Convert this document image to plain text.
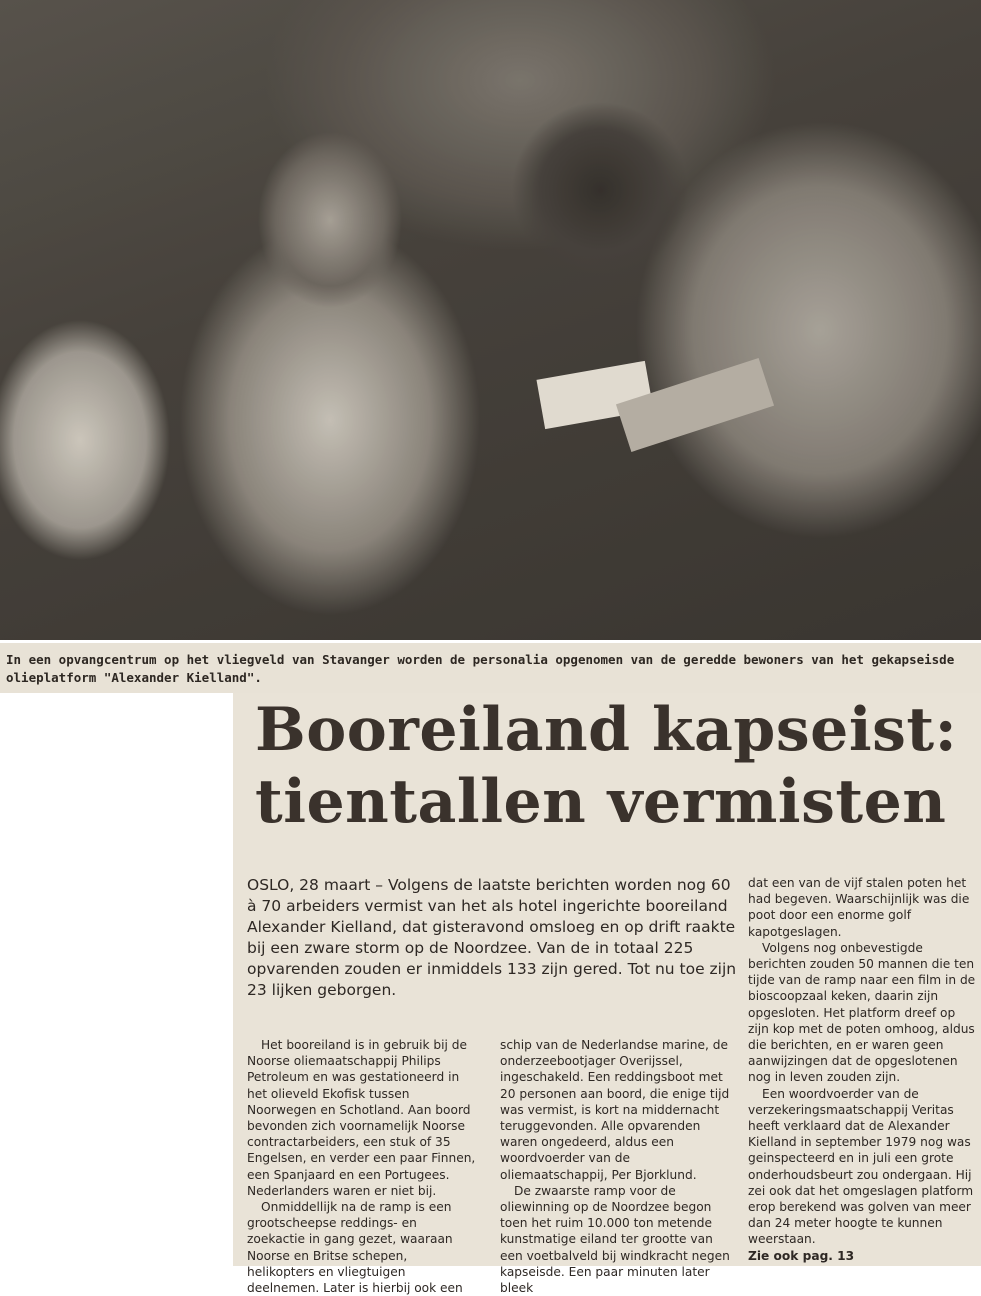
In een opvangcentrum op het vliegveld van Stavanger worden de personalia opgenomen van de geredde bewoners van het gekapseisde
olieplatform "Alexander Kielland".
Booreiland kapseist:
tientallen vermisten
OSLO, 28 maart – Volgens de laatste berichten worden nog 60 à 70 arbeiders vermist van het als hotel ingerichte booreiland Alexander Kielland, dat gisteravond omsloeg en op drift raakte bij een zware storm op de Noordzee. Van de in totaal 225 opvarenden zouden er inmiddels 133 zijn gered. Tot nu toe zijn 23 lijken geborgen.

Het booreiland is in gebruik bij de Noorse oliemaatschappij Philips Petroleum en was gestationeerd in het olieveld Ekofisk tussen Noorwegen en Schotland. Aan boord bevonden zich voornamelijk Noorse contractarbeiders, een stuk of 35 Engelsen, en verder een paar Finnen, een Spanjaard en een Portugees. Nederlanders waren er niet bij.

Onmiddellijk na de ramp is een grootscheepse reddings- en zoekactie in gang gezet, waaraan Noorse en Britse schepen, helikopters en vliegtuigen deelnemen. Later is hierbij ook een

schip van de Nederlandse marine, de onderzeebootjager Overijssel, ingeschakeld. Een reddingsboot met 20 personen aan boord, die enige tijd was vermist, is kort na middernacht teruggevonden. Alle opvarenden waren ongedeerd, aldus een woordvoerder van de oliemaatschappij, Per Bjorklund.

De zwaarste ramp voor de oliewinning op de Noordzee begon toen het ruim 10.000 ton metende kunstmatige eiland ter grootte van een voetbalveld bij windkracht negen kapseisde. Een paar minuten later bleek

dat een van de vijf stalen poten het had begeven. Waarschijnlijk was die poot door een enorme golf kapotgeslagen.

Volgens nog onbevestigde berichten zouden 50 mannen die ten tijde van de ramp naar een film in de bioscoopzaal keken, daarin zijn opgesloten. Het platform dreef op zijn kop met de poten omhoog, aldus die berichten, en er waren geen aanwijzingen dat de opgeslotenen nog in leven zouden zijn.

Een woordvoerder van de verzekeringsmaatschappij Veritas heeft verklaard dat de Alexander Kielland in september 1979 nog was geinspecteerd en in juli een grote onderhoudsbeurt zou ondergaan. Hij zei ook dat het omgeslagen platform erop berekend was golven van meer dan 24 meter hoogte te kunnen weerstaan.

Zie ook pag. 13
